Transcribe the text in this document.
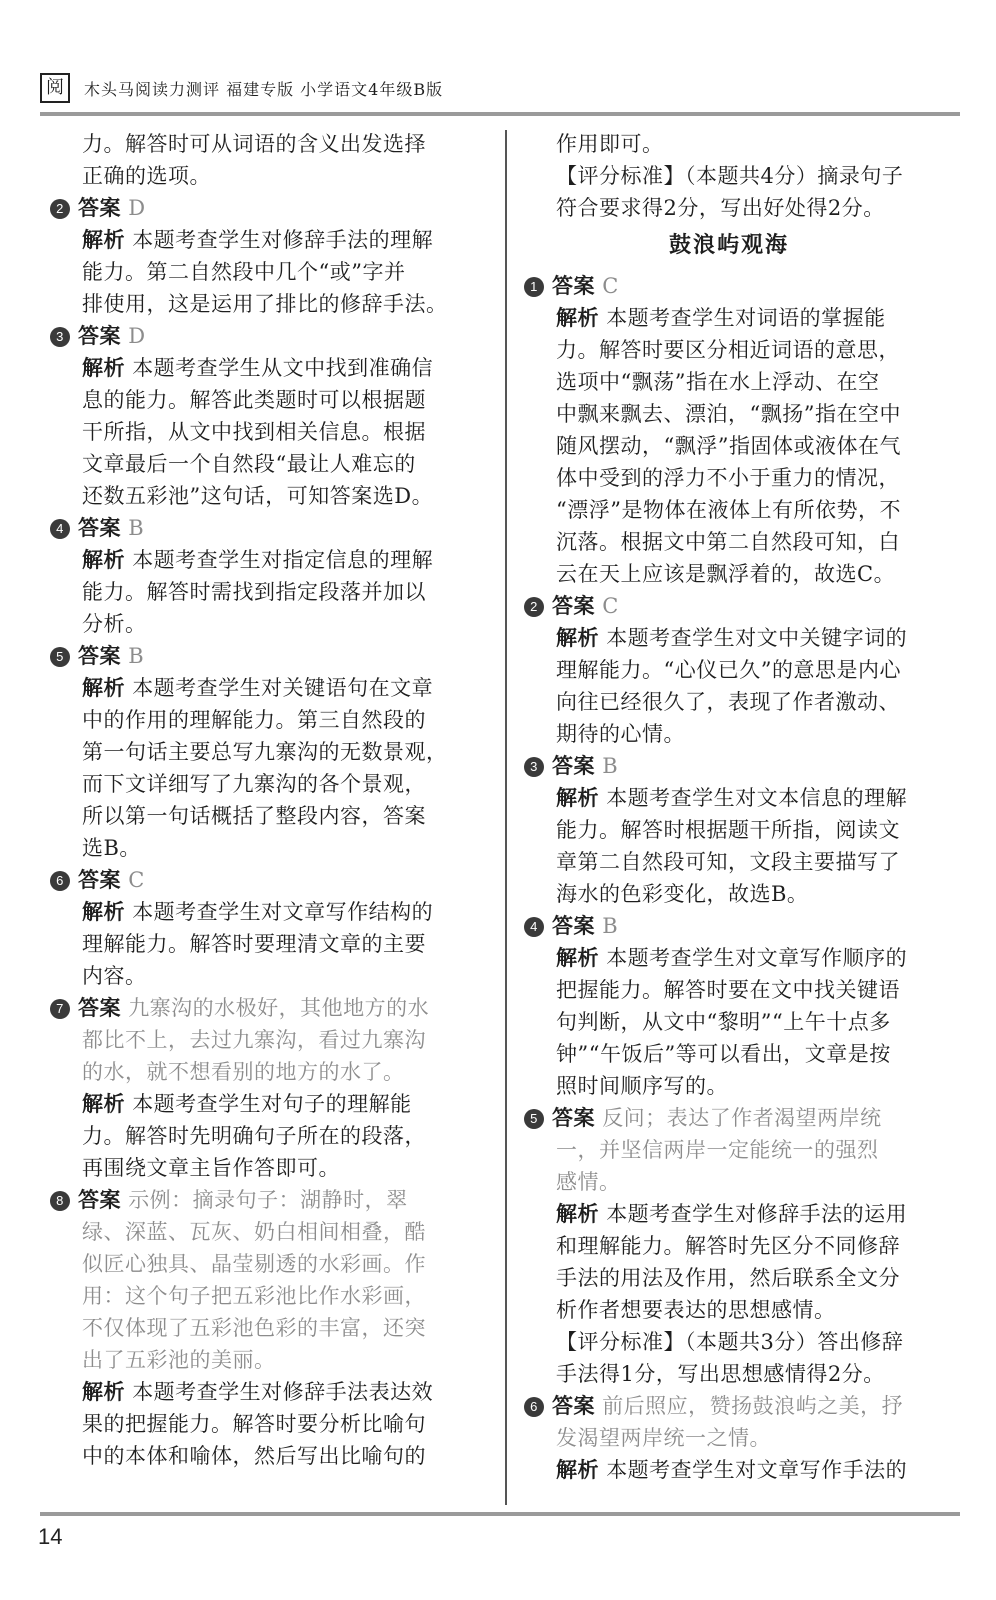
阅	木头马阅读力测评 福建专版 小学语文4年级B版
力。解答时可从词语的含义出发选择
正确的选项。
2 答案 D
解析 本题考查学生对修辞手法的理解
能力。第二自然段中几个“或”字并
排使用，这是运用了排比的修辞手法。
3 答案 D
解析 本题考查学生从文中找到准确信
息的能力。解答此类题时可以根据题
干所指，从文中找到相关信息。根据
文章最后一个自然段“最让人难忘的
还数五彩池”这句话，可知答案选D。
4 答案 B
解析 本题考查学生对指定信息的理解
能力。解答时需找到指定段落并加以
分析。
5 答案 B
解析 本题考查学生对关键语句在文章
中的作用的理解能力。第三自然段的
第一句话主要总写九寨沟的无数景观，
而下文详细写了九寨沟的各个景观，
所以第一句话概括了整段内容，答案
选B。
6 答案 C
解析 本题考查学生对文章写作结构的
理解能力。解答时要理清文章的主要
内容。
7 答案 九寨沟的水极好，其他地方的水
都比不上，去过九寨沟，看过九寨沟
的水，就不想看别的地方的水了。
解析 本题考查学生对句子的理解能
力。解答时先明确句子所在的段落，
再围绕文章主旨作答即可。
8 答案 示例：摘录句子：湖静时，翠
绿、深蓝、瓦灰、奶白相间相叠，酷
似匠心独具、晶莹剔透的水彩画。作
用：这个句子把五彩池比作水彩画，
不仅体现了五彩池色彩的丰富，还突
出了五彩池的美丽。
解析 本题考查学生对修辞手法表达效
果的把握能力。解答时要分析比喻句
中的本体和喻体，然后写出比喻句的
作用即可。
【评分标准】（本题共4分）摘录句子
符合要求得2分，写出好处得2分。
鼓浪屿观海
1 答案 C
解析 本题考查学生对词语的掌握能
力。解答时要区分相近词语的意思，
选项中“飘荡”指在水上浮动、在空
中飘来飘去、漂泊，“飘扬”指在空中
随风摆动，“飘浮”指固体或液体在气
体中受到的浮力不小于重力的情况，
“漂浮”是物体在液体上有所依势，不
沉落。根据文中第二自然段可知，白
云在天上应该是飘浮着的，故选C。
2 答案 C
解析 本题考查学生对文中关键字词的
理解能力。“心仪已久”的意思是内心
向往已经很久了，表现了作者激动、
期待的心情。
3 答案 B
解析 本题考查学生对文本信息的理解
能力。解答时根据题干所指，阅读文
章第二自然段可知，文段主要描写了
海水的色彩变化，故选B。
4 答案 B
解析 本题考查学生对文章写作顺序的
把握能力。解答时要在文中找关键语
句判断，从文中“黎明”“上午十点多
钟”“午饭后”等可以看出，文章是按
照时间顺序写的。
5 答案 反问；表达了作者渴望两岸统
一，并坚信两岸一定能统一的强烈
感情。
解析 本题考查学生对修辞手法的运用
和理解能力。解答时先区分不同修辞
手法的用法及作用，然后联系全文分
析作者想要表达的思想感情。
【评分标准】（本题共3分）答出修辞
手法得1分，写出思想感情得2分。
6 答案 前后照应，赞扬鼓浪屿之美，抒
发渴望两岸统一之情。
解析 本题考查学生对文章写作手法的
14
